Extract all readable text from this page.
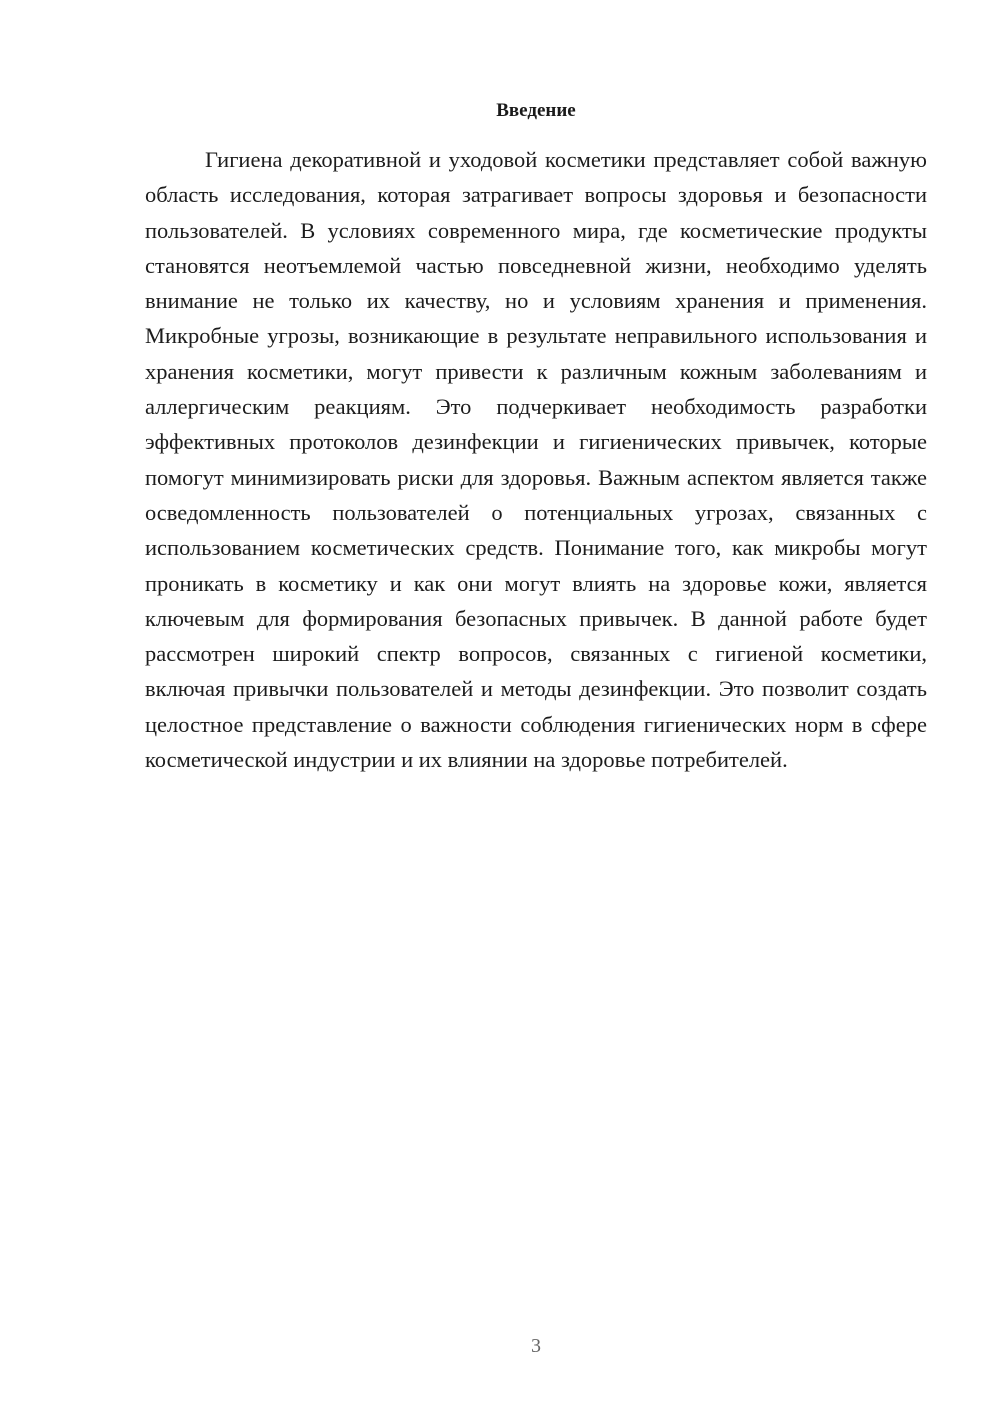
Введение

Гигиена декоративной и уходовой косметики представляет собой важную область исследования, которая затрагивает вопросы здоровья и безопасности пользователей. В условиях современного мира, где косметические продукты становятся неотъемлемой частью повседневной жизни, необходимо уделять внимание не только их качеству, но и условиям хранения и применения. Микробные угрозы, возникающие в результате неправильного использования и хранения косметики, могут привести к различным кожным заболеваниям и аллергическим реакциям. Это подчеркивает необходимость разработки эффективных протоколов дезинфекции и гигиенических привычек, которые помогут минимизировать риски для здоровья. Важным аспектом является также осведомленность пользователей о потенциальных угрозах, связанных с использованием косметических средств. Понимание того, как микробы могут проникать в косметику и как они могут влиять на здоровье кожи, является ключевым для формирования безопасных привычек. В данной работе будет рассмотрен широкий спектр вопросов, связанных с гигиеной косметики, включая привычки пользователей и методы дезинфекции. Это позволит создать целостное представление о важности соблюдения гигиенических норм в сфере косметической индустрии и их влиянии на здоровье потребителей.

3
